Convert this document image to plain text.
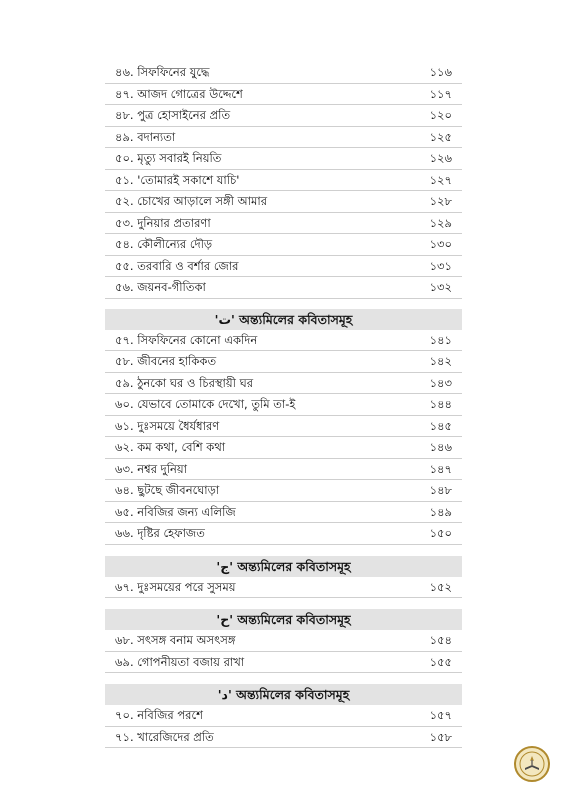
৪৬. সিফফিনের যুদ্ধে	১১৬
৪৭. আজদ গোত্রের উদ্দেশে	১১৭
৪৮. পুত্র হোসাইনের প্রতি	১২০
৪৯. বদান্যতা	১২৫
৫০. মৃত্যু সবারই নিয়তি	১২৬
৫১. 'তোমারই সকাশে যাচি'	১২৭
৫২. চোখের আড়ালে সঙ্গী আমার	১২৮
৫৩. দুনিয়ার প্রতারণা	১২৯
৫৪. কৌলীন্যের দৌড়	১৩০
৫৫. তরবারি ও বর্শার জোর	১৩১
৫৬. জয়নব-গীতিকা	১৩২
'ت' অন্ত্যমিলের কবিতাসমূহ
৫৭. সিফফিনের কোনো একদিন	১৪১
৫৮. জীবনের হাকিকত	১৪২
৫৯. ঠুনকো ঘর ও চিরস্থায়ী ঘর	১৪৩
৬০. যেভাবে তোমাকে দেখো, তুমি তা-ই	১৪৪
৬১. দুঃসময়ে ধৈর্যধারণ	১৪৫
৬২. কম কথা, বেশি কথা	১৪৬
৬৩. নশ্বর দুনিয়া	১৪৭
৬৪. ছুটছে জীবনঘোড়া	১৪৮
৬৫. নবিজির জন্য এলিজি	১৪৯
৬৬. দৃষ্টির হেফাজত	১৫০
'ج' অন্ত্যমিলের কবিতাসমূহ
৬৭. দুঃসময়ের পরে সুসময়	১৫২
'ح' অন্ত্যমিলের কবিতাসমূহ
৬৮. সৎসঙ্গ বনাম অসৎসঙ্গ	১৫৪
৬৯. গোপনীয়তা বজায় রাখা	১৫৫
'د' অন্ত্যমিলের কবিতাসমূহ
৭০. নবিজির পরশে	১৫৭
৭১. খারেজিদের প্রতি	১৫৮
